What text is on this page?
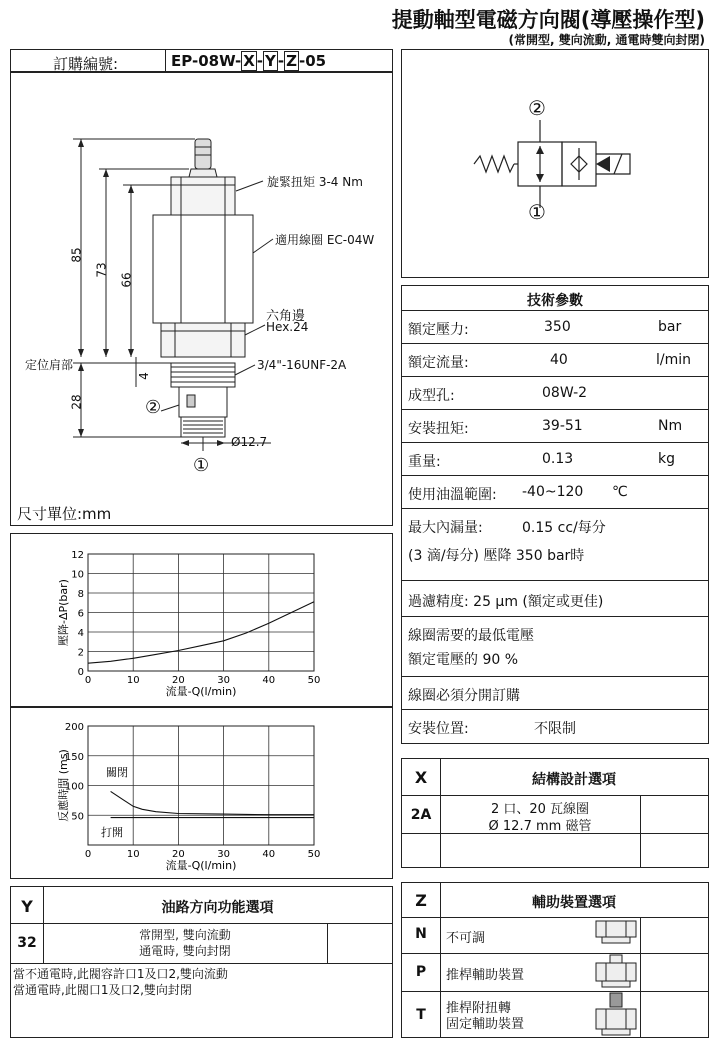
提動軸型電磁方向閥(導壓操作型)
(常開型, 雙向流動, 通電時雙向封閉)
訂購編號:	EP-08W- X - Y - Z -05
旋緊扭矩 3-4 Nm
適用線圈 EC-04W
六角邊
Hex.24
3/4"-16UNF-2A
定位肩部
85
73
66
4
28
Ø12.7
②
①
尺寸單位:mm
②
①
技術參數
額定壓力:	350	bar
額定流量:	40	l/min
成型孔:	08W-2
安裝扭矩:	39-51	Nm
重量:	0.13	kg
使用油溫範圍: -40~120 ℃
最大內漏量:	0.15 cc/每分
(3 滴/每分) 壓降 350 bar時
過濾精度: 25 µm (額定或更佳)
線圈需要的最低電壓
額定電壓的 90 %
線圈必須分開訂購
安裝位置:	不限制
0	10	20	30	40	50
0
2
4
6
8
10
12
流量-Q(l/min)
壓降-ΔP(bar)
0	10	20	30	40	50
50
100
150
200
流量-Q(l/min)
反應時間 (ms)	關閉
打開
X	結構設計選項
2A	2 口、20 瓦線圈
Ø 12.7 mm 磁管
Y	油路方向功能選項
32	常開型, 雙向流動
通電時, 雙向封閉
當不通電時,此閥容許口1及口2,雙向流動
當通電時,此閥口1及口2,雙向封閉
Z	輔助裝置選項
N	不可調
P	推桿輔助裝置
T	推桿附扭轉
固定輔助裝置
